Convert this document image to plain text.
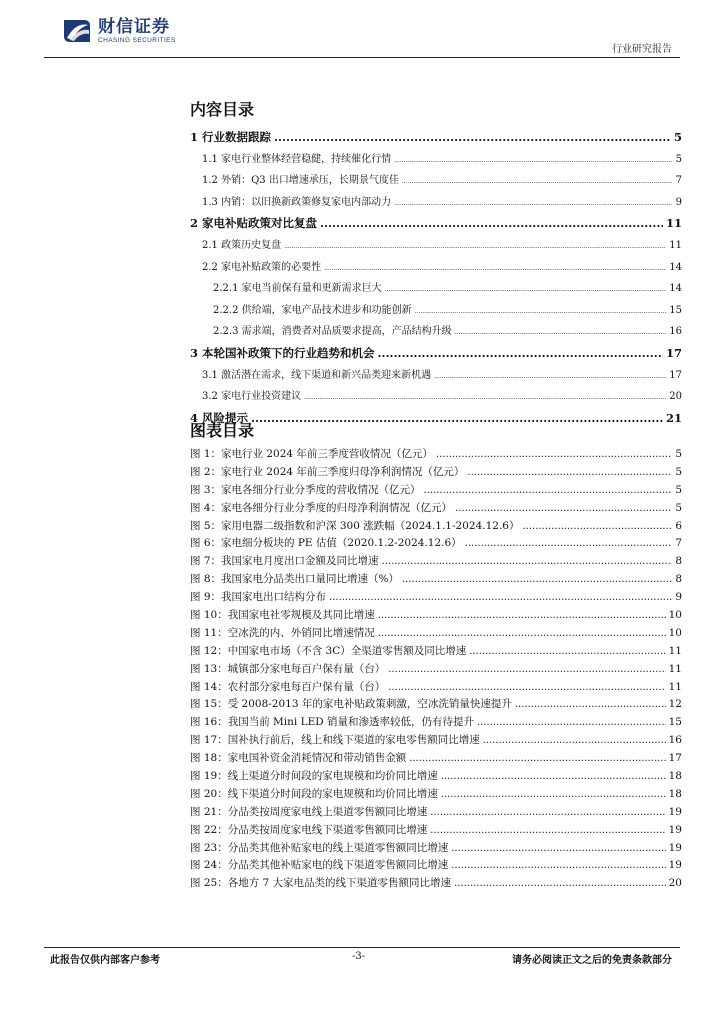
财信证券
CHASING SECURITIES
行业研究报告
内容目录
1 行业数据跟踪 .....	5
1.1 家电行业整体经营稳健，持续催化行情 .....	5
1.2 外销：Q3 出口增速承压，长期景气度佳 .....	7
1.3 内销：以旧换新政策修复家电内部动力 .....	9
2 家电补贴政策对比复盘 .....	11
2.1 政策历史复盘 .....	11
2.2 家电补贴政策的必要性 .....	14
2.2.1 家电当前保有量和更新需求巨大 .....	14
2.2.2 供给端，家电产品技术进步和功能创新 .....	15
2.2.3 需求端，消费者对品质要求提高，产品结构升级 .....	16
3 本轮国补政策下的行业趋势和机会 .....	17
3.1 激活潜在需求，线下渠道和新兴品类迎来新机遇 .....	17
3.2 家电行业投资建议 .....	20
4 风险提示 .....	21
图表目录
图 1：家电行业 2024 年前三季度营收情况（亿元） .....	5
图 2：家电行业 2024 年前三季度归母净利润情况（亿元） .....	5
图 3：家电各细分行业分季度的营收情况（亿元） .....	5
图 4：家电各细分行业分季度的归母净利润情况（亿元） .....	5
图 5：家用电器二级指数和沪深 300 涨跌幅（2024.1.1-2024.12.6） .....	6
图 6：家电细分板块的 PE 估值（2020.1.2-2024.12.6） .....	7
图 7：我国家电月度出口金额及同比增速 .....	8
图 8：我国家电分品类出口量同比增速（%） .....	8
图 9：我国家电出口结构分布 .....	9
图 10：我国家电社零规模及其同比增速 .....	10
图 11：空冰洗的内、外销同比增速情况 .....	10
图 12：中国家电市场（不含 3C）全渠道零售额及同比增速 .....	11
图 13：城镇部分家电每百户保有量（台） .....	11
图 14：农村部分家电每百户保有量（台） .....	11
图 15：受 2008-2013 年的家电补贴政策刺激，空冰洗销量快速提升 .....	12
图 16：我国当前 Mini LED 销量和渗透率较低，仍有待提升 .....	15
图 17：国补执行前后，线上和线下渠道的家电零售额同比增速 .....	16
图 18：家电国补资金消耗情况和带动销售金额 .....	17
图 19：线上渠道分时间段的家电规模和均价同比增速 .....	18
图 20：线下渠道分时间段的家电规模和均价同比增速 .....	18
图 21：分品类按周度家电线上渠道零售额同比增速 .....	19
图 22：分品类按周度家电线下渠道零售额同比增速 .....	19
图 23：分品类其他补贴家电的线上渠道零售额同比增速 .....	19
图 24：分品类其他补贴家电的线下渠道零售额同比增速 .....	19
图 25：各地方 7 大家电品类的线下渠道零售额同比增速 .....	20
此报告仅供内部客户参考	-3-	请务必阅读正文之后的免责条款部分
